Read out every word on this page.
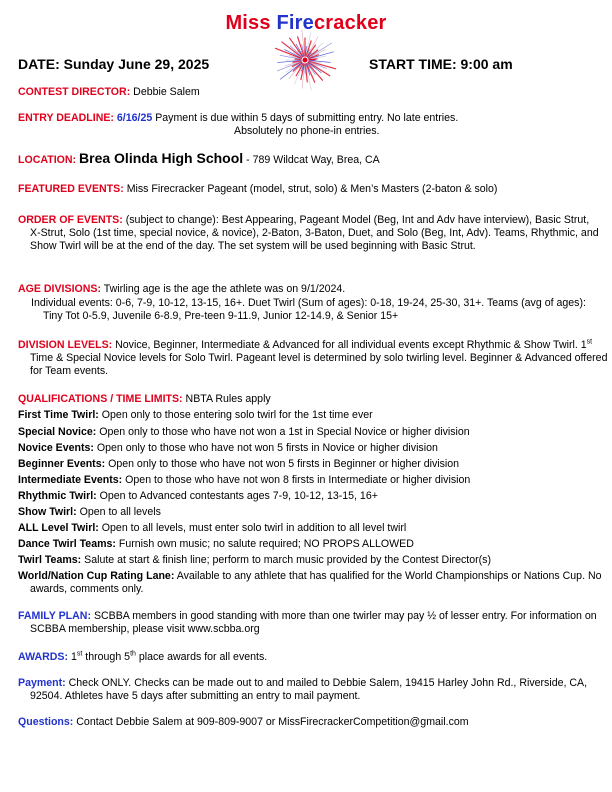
Miss Firecracker
DATE: Sunday June 29, 2025	START TIME: 9:00 am
CONTEST DIRECTOR: Debbie Salem
ENTRY DEADLINE: 6/16/25 Payment is due within 5 days of submitting entry. No late entries.
Absolutely no phone-in entries.
LOCATION: Brea Olinda High School - 789 Wildcat Way, Brea, CA
FEATURED EVENTS: Miss Firecracker Pageant (model, strut, solo) & Men’s Masters (2-baton & solo)
ORDER OF EVENTS: (subject to change): Best Appearing, Pageant Model (Beg, Int and Adv have interview), Basic Strut, X-Strut, Solo (1st time, special novice, & novice), 2-Baton, 3-Baton, Duet, and Solo (Beg, Int, Adv). Teams, Rhythmic, and Show Twirl will be at the end of the day. The set system will be used beginning with Basic Strut.
AGE DIVISIONS: Twirling age is the age the athlete was on 9/1/2024.
Individual events: 0-6, 7-9, 10-12, 13-15, 16+. Duet Twirl (Sum of ages): 0-18, 19-24, 25-30, 31+. Teams (avg of ages): Tiny Tot 0-5.9, Juvenile 6-8.9, Pre-teen 9-11.9, Junior 12-14.9, & Senior 15+
DIVISION LEVELS: Novice, Beginner, Intermediate & Advanced for all individual events except Rhythmic & Show Twirl. 1st Time & Special Novice levels for Solo Twirl. Pageant level is determined by solo twirling level. Beginner & Advanced offered for Team events.
QUALIFICATIONS / TIME LIMITS: NBTA Rules apply
First Time Twirl: Open only to those entering solo twirl for the 1st time ever
Special Novice: Open only to those who have not won a 1st in Special Novice or higher division
Novice Events: Open only to those who have not won 5 firsts in Novice or higher division
Beginner Events: Open only to those who have not won 5 firsts in Beginner or higher division
Intermediate Events: Open to those who have not won 8 firsts in Intermediate or higher division
Rhythmic Twirl: Open to Advanced contestants ages 7-9, 10-12, 13-15, 16+
Show Twirl: Open to all levels
ALL Level Twirl: Open to all levels, must enter solo twirl in addition to all level twirl
Dance Twirl Teams: Furnish own music; no salute required; NO PROPS ALLOWED
Twirl Teams: Salute at start & finish line; perform to march music provided by the Contest Director(s)
World/Nation Cup Rating Lane: Available to any athlete that has qualified for the World Championships or Nations Cup. No awards, comments only.
FAMILY PLAN: SCBBA members in good standing with more than one twirler may pay ½ of lesser entry. For information on SCBBA membership, please visit www.scbba.org
AWARDS: 1st through 5th place awards for all events.
Payment: Check ONLY. Checks can be made out to and mailed to Debbie Salem, 19415 Harley John Rd., Riverside, CA, 92504. Athletes have 5 days after submitting an entry to mail payment.
Questions: Contact Debbie Salem at 909-809-9007 or MissFirecrackerCompetition@gmail.com
